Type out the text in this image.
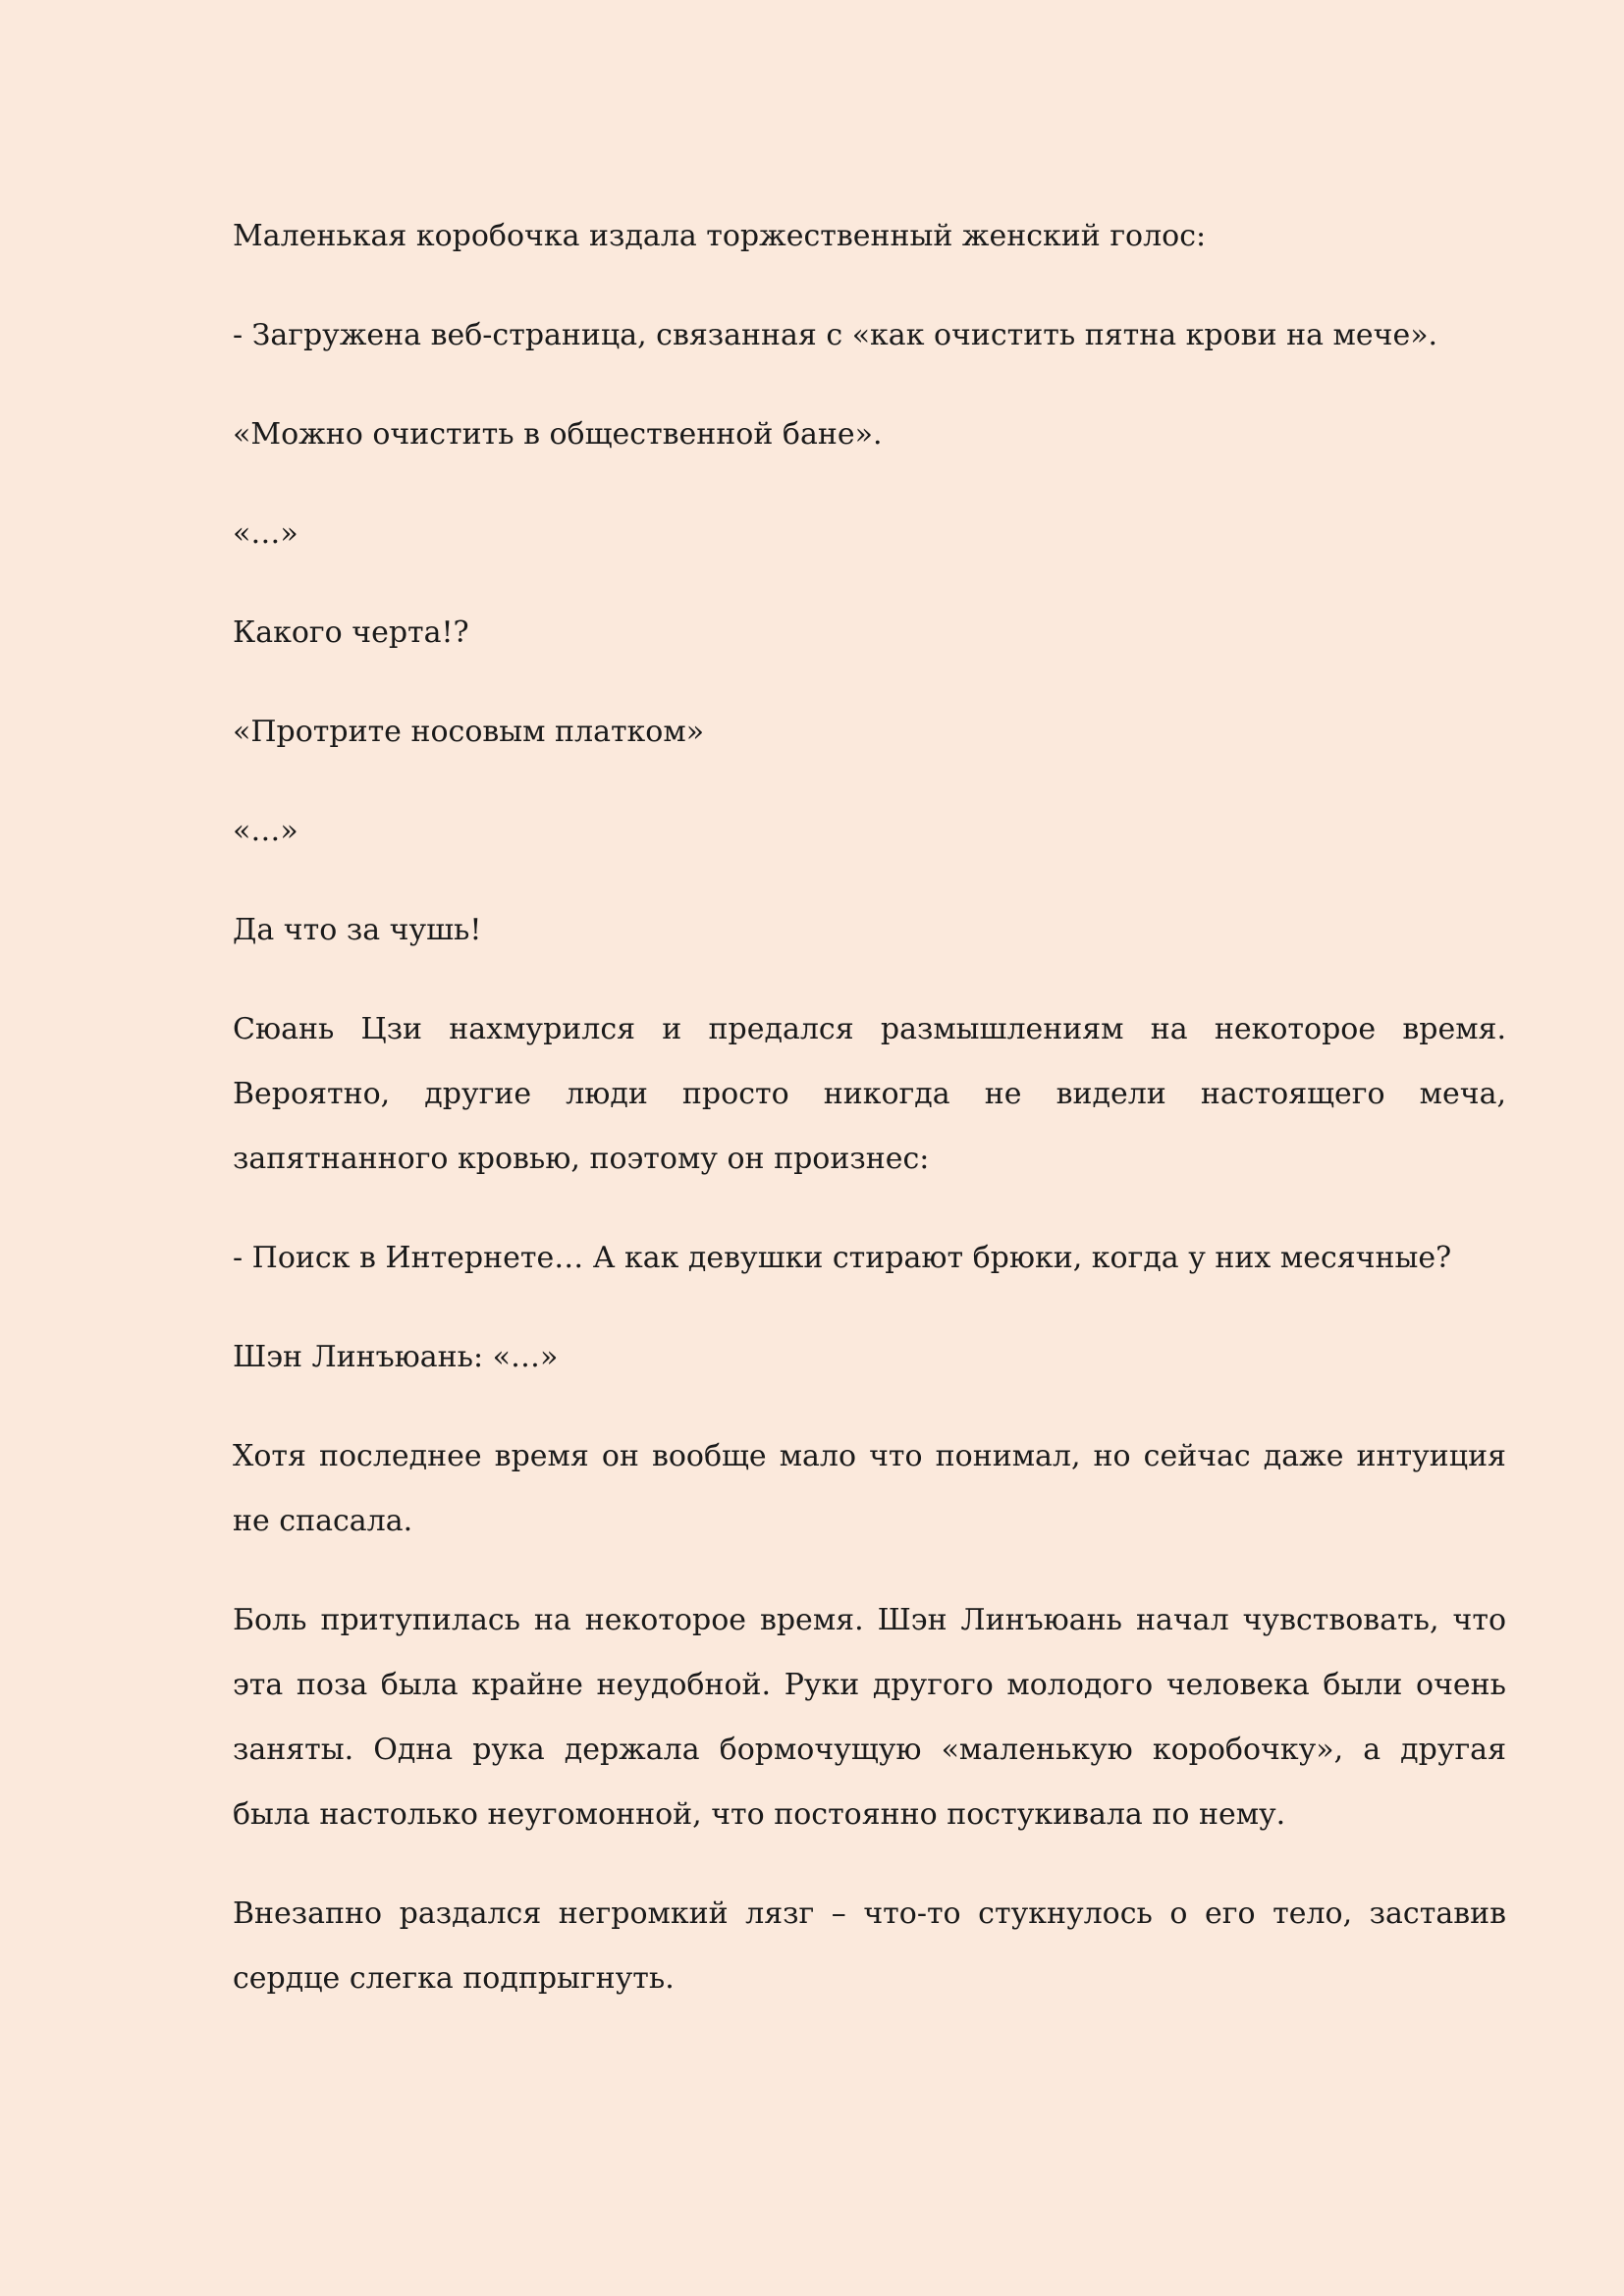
Маленькая коробочка издала торжественный женский голос:

- Загружена веб-страница, связанная с «как очистить пятна крови на мече».

«Можно очистить в общественной бане».

«…»

Какого черта!?

«Протрите носовым платком»

«…»

Да что за чушь!

Сюань Цзи нахмурился и предался размышлениям на некоторое время. Вероятно, другие люди просто никогда не видели настоящего меча, запятнанного кровью, поэтому он произнес:

- Поиск в Интернете… А как девушки стирают брюки, когда у них месячные?

Шэн Линъюань: «…»

Хотя последнее время он вообще мало что понимал, но сейчас даже интуиция не спасала.

Боль притупилась на некоторое время. Шэн Линъюань начал чувствовать, что эта поза была крайне неудобной. Руки другого молодого человека были очень заняты. Одна рука держала бормочущую «маленькую коробочку», а другая была настолько неугомонной, что постоянно постукивала по нему.

Внезапно раздался негромкий лязг – что-то стукнулось о его тело, заставив сердце слегка подпрыгнуть.
